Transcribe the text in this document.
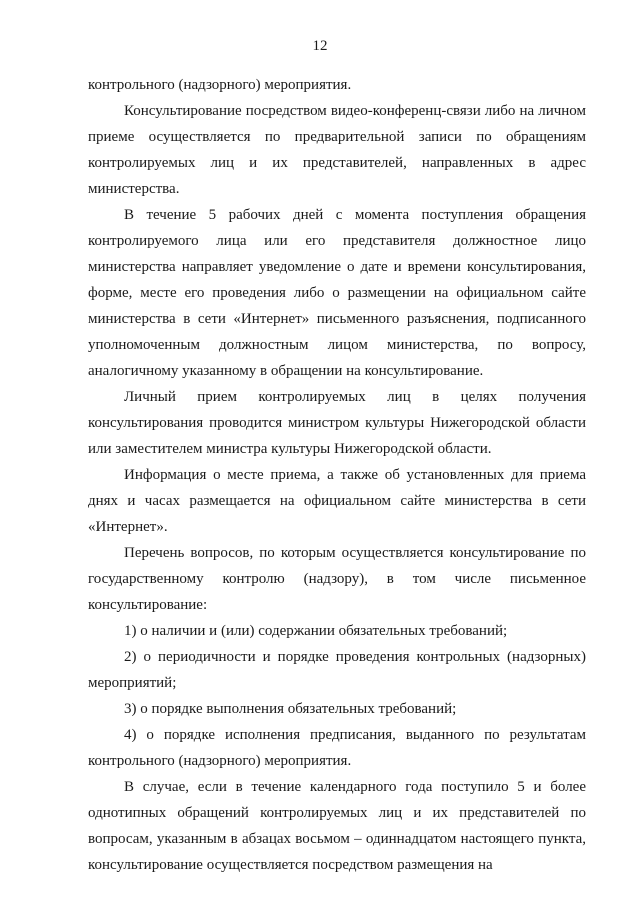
12

контрольного (надзорного) мероприятия.

Консультирование посредством видео-конференц-связи либо на личном приеме осуществляется по предварительной записи по обращениям контролируемых лиц и их представителей, направленных в адрес министерства.

В течение 5 рабочих дней с момента поступления обращения контролируемого лица или его представителя должностное лицо министерства направляет уведомление о дате и времени консультирования, форме, месте его проведения либо о размещении на официальном сайте министерства в сети «Интернет» письменного разъяснения, подписанного уполномоченным должностным лицом министерства, по вопросу, аналогичному указанному в обращении на консультирование.

Личный прием контролируемых лиц в целях получения консультирования проводится министром культуры Нижегородской области или заместителем министра культуры Нижегородской области.

Информация о месте приема, а также об установленных для приема днях и часах размещается на официальном сайте министерства в сети «Интернет».

Перечень вопросов, по которым осуществляется консультирование по государственному контролю (надзору), в том числе письменное консультирование:

1) о наличии и (или) содержании обязательных требований;

2) о периодичности и порядке проведения контрольных (надзорных) мероприятий;

3) о порядке выполнения обязательных требований;

4) о порядке исполнения предписания, выданного по результатам контрольного (надзорного) мероприятия.

В случае, если в течение календарного года поступило 5 и более однотипных обращений контролируемых лиц и их представителей по вопросам, указанным в абзацах восьмом – одиннадцатом настоящего пункта, консультирование осуществляется посредством размещения на
